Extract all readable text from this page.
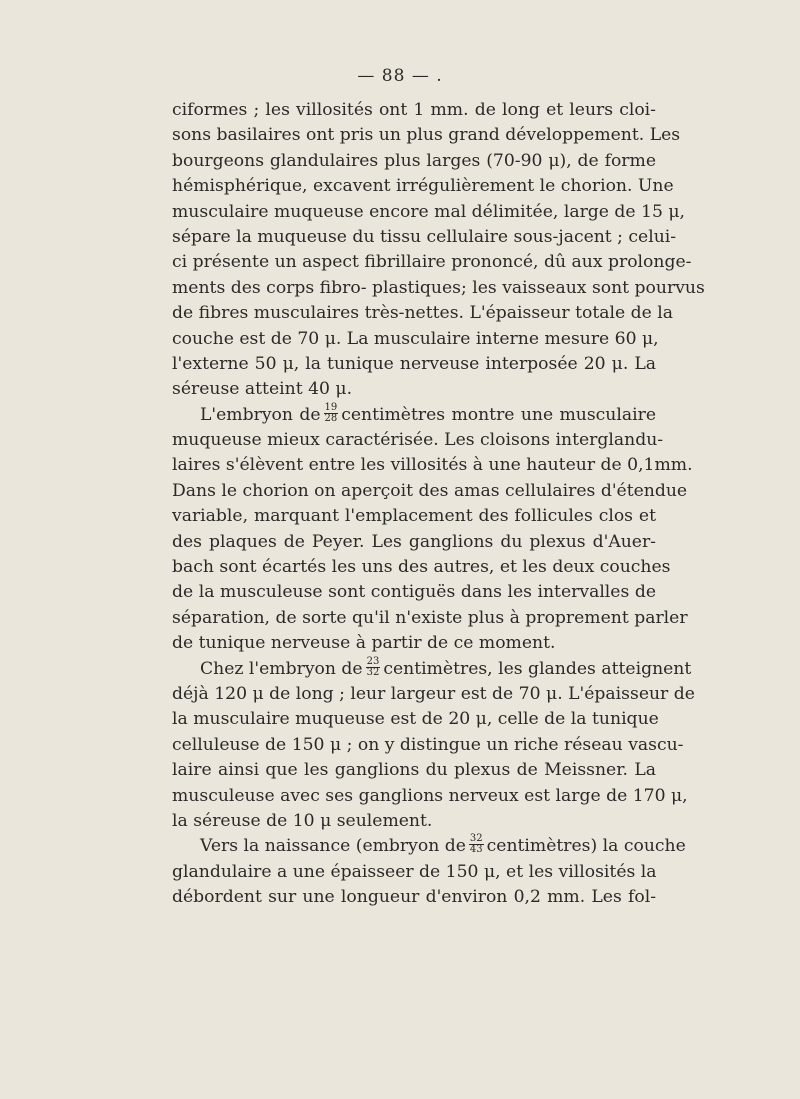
— 88 — .
ciformes ; les villosités ont 1 mm. de long et leurs cloi-
sons basilaires ont pris un plus grand développement. Les
bourgeons glandulaires plus larges (70-90 μ), de forme
hémisphérique, excavent irrégulièrement le chorion. Une
musculaire muqueuse encore mal délimitée, large de 15 μ,
sépare la muqueuse du tissu cellulaire sous-jacent ; celui-
ci présente un aspect fibrillaire prononcé, dû aux prolonge-
ments des corps fibro- plastiques; les vaisseaux sont pourvus
de fibres musculaires très-nettes. L'épaisseur totale de la
couche est de 70 μ. La musculaire interne mesure 60 μ,
l'externe 50 μ, la tunique nerveuse interposée 20 μ. La
séreuse atteint 40 μ.
L'embryon de $\frac{19}{28}$ centimètres montre une musculaire
muqueuse mieux caractérisée. Les cloisons interglandu-
laires s'élèvent entre les villosités à une hauteur de 0,1mm.
Dans le chorion on aperçoit des amas cellulaires d'étendue
variable, marquant l'emplacement des follicules clos et
des plaques de Peyer. Les ganglions du plexus d'Auer-
bach sont écartés les uns des autres, et les deux couches
de la musculeuse sont contiguës dans les intervalles de
séparation, de sorte qu'il n'existe plus à proprement parler
de tunique nerveuse à partir de ce moment.
Chez l'embryon de $\frac{23}{32}$ centimètres, les glandes atteignent
déjà 120 μ de long ; leur largeur est de 70 μ. L'épaisseur de
la musculaire muqueuse est de 20 μ, celle de la tunique
celluleuse de 150 μ ; on y distingue un riche réseau vascu-
laire ainsi que les ganglions du plexus de Meissner. La
musculeuse avec ses ganglions nerveux est large de 170 μ,
la séreuse de 10 μ seulement.
Vers la naissance (embryon de $\frac{32}{43}$ centimètres) la couche
glandulaire a une épaisseer de 150 μ, et les villosités la
débordent sur une longueur d'environ 0,2 mm. Les fol-
